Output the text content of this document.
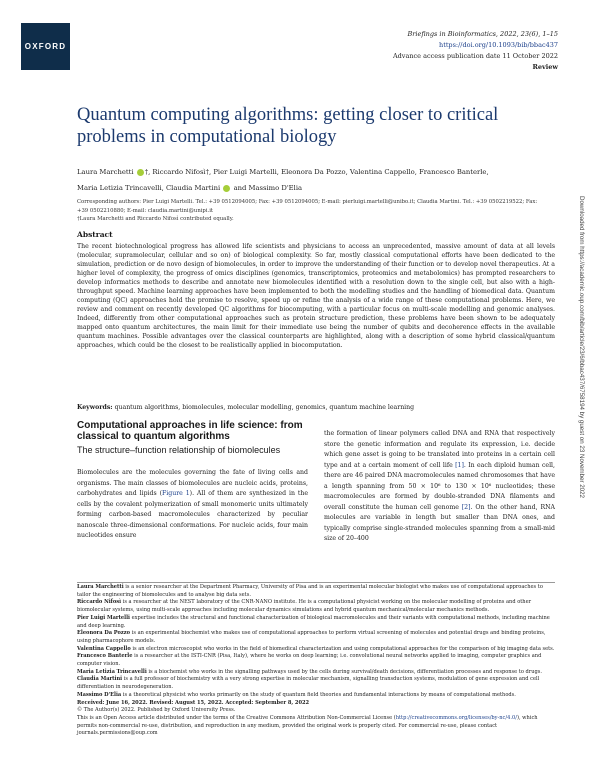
OXFORD
Briefings in Bioinformatics, 2022, 23(6), 1–15
https://doi.org/10.1093/bib/bbac437
Advance access publication date 11 October 2022
Review
Quantum computing algorithms: getting closer to critical problems in computational biology
Laura Marchetti †, Riccardo Nifosì†, Pier Luigi Martelli, Eleonora Da Pozzo, Valentina Cappello, Francesco Banterle,
Maria Letizia Trincavelli, Claudia Martini and Massimo D'Elia
Corresponding authors: Pier Luigi Martelli. Tel.: +39 0512094005; Fax: +39 0512094005; E-mail: pierluigi.martelli@unibo.it; Claudia Martini. Tel.: +39 0502219522; Fax: +39 0502210880; E-mail: claudia.martini@unipi.it
†Laura Marchetti and Riccardo Nifosì contributed equally.
Abstract
The recent biotechnological progress has allowed life scientists and physicians to access an unprecedented, massive amount of data at all levels (molecular, supramolecular, cellular and so on) of biological complexity. So far, mostly classical computational efforts have been dedicated to the simulation, prediction or de novo design of biomolecules, in order to improve the understanding of their function or to develop novel therapeutics. At a higher level of complexity, the progress of omics disciplines (genomics, transcriptomics, proteomics and metabolomics) has prompted researchers to develop informatics methods to describe and annotate new biomolecules identified with a resolution down to the single cell, but also with a high-throughput speed. Machine learning approaches have been implemented to both the modelling studies and the handling of biomedical data. Quantum computing (QC) approaches hold the promise to resolve, speed up or refine the analysis of a wide range of these computational problems. Here, we review and comment on recently developed QC algorithms for biocomputing, with a particular focus on multi-scale modelling and genomic analyses. Indeed, differently from other computational approaches such as protein structure prediction, these problems have been shown to be adequately mapped onto quantum architectures, the main limit for their immediate use being the number of qubits and decoherence effects in the available quantum machines. Possible advantages over the classical counterparts are highlighted, along with a description of some hybrid classical/quantum approaches, which could be the closest to be realistically applied in biocomputation.
Keywords: quantum algorithms, biomolecules, molecular modelling, genomics, quantum machine learning
Computational approaches in life science: from classical to quantum algorithms
The structure–function relationship of biomolecules
Biomolecules are the molecules governing the fate of living cells and organisms. The main classes of biomolecules are nucleic acids, proteins, carbohydrates and lipids (Figure 1). All of them are synthesized in the cells by the covalent polymerization of small monomeric units ultimately forming carbon-based macromolecules characterized by peculiar nanoscale three-dimensional conformations. For nucleic acids, four main nucleotides ensure
the formation of linear polymers called DNA and RNA that respectively store the genetic information and regulate its expression, i.e. decide which gene asset is going to be translated into proteins in a certain cell type and at a certain moment of cell life [1]. In each diploid human cell, there are 46 paired DNA macromolecules named chromosomes that have a length spanning from 50 × 10⁶ to 130 × 10⁶ nucleotides; these macromolecules are formed by double-stranded DNA filaments and overall constitute the human cell genome [2]. On the other hand, RNA molecules are variable in length but smaller than DNA ones, and typically comprise single-stranded molecules spanning from a small-mid size of 20–400

Laura Marchetti is a senior researcher at the Department Pharmacy, University of Pisa and is an experimental molecular biologist who makes use of computational approaches to tailor the engineering of biomolecules and to analyse big data sets.

Riccardo Nifosì is a researcher at the NEST laboratory of the CNR-NANO institute. He is a computational physicist working on the molecular modelling of proteins and other biomolecular systems, using multi-scale approaches including molecular dynamics simulations and hybrid quantum mechanical/molecular mechanics methods.

Pier Luigi Martelli expertise includes the structural and functional characterization of biological macromolecules and their variants with computational methods, including machine and deep learning.

Eleonora Da Pozzo is an experimental biochemist who makes use of computational approaches to perform virtual screening of molecules and potential drugs and binding proteins, using pharmacophore models.

Valentina Cappello is an electron microscopist who works in the field of biomedical characterization and using computational approaches for the comparison of big imaging data sets.

Francesco Banterle is a researcher at the ISTI-CNR (Pisa, Italy), where he works on deep learning; i.e. convolutional neural networks applied to imaging, computer graphics and computer vision.

Maria Letizia Trincavelli is a biochemist who works in the signalling pathways used by the cells during survival/death decisions, differentiation processes and response to drugs.

Claudia Martini is a full professor of biochemistry with a very strong expertise in molecular mechanism, signalling transduction systems, modulation of gene expression and cell differentiation in neurodegeneration.

Massimo D'Elia is a theoretical physicist who works primarily on the study of quantum field theories and fundamental interactions by means of computational methods.

Received: June 16, 2022. Revised: August 15, 2022. Accepted: September 8, 2022

© The Author(s) 2022. Published by Oxford University Press.

This is an Open Access article distributed under the terms of the Creative Commons Attribution Non-Commercial License (http://creativecommons.org/licenses/by-nc/4.0/), which permits non-commercial re-use, distribution, and reproduction in any medium, provided the original work is properly cited. For commercial re-use, please contact journals.permissions@oup.com

Downloaded from https://academic.oup.com/bib/article/23/6/bbac437/6758194 by guest on 23 November 2022
